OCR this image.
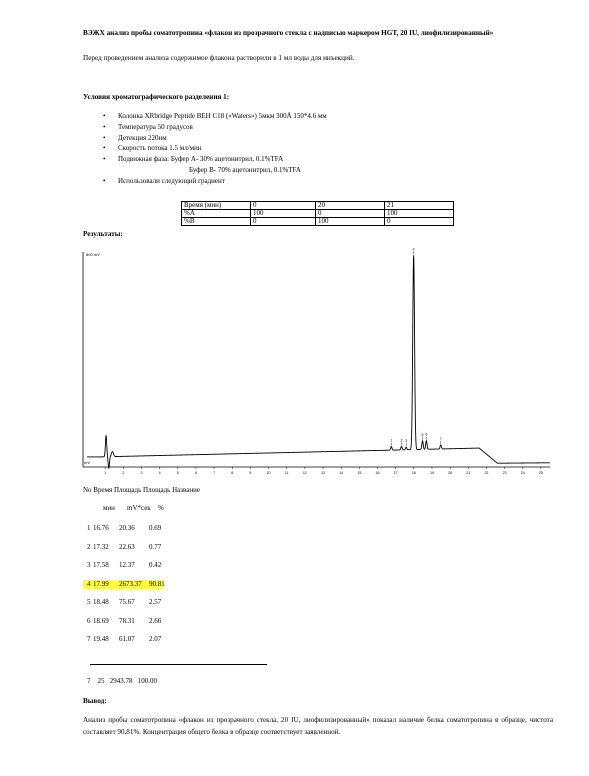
ВЭЖХ анализ пробы соматотропина «флакон из прозрачного стекла с надписью маркером HGT, 20 IU, лиофилизированный»
Перед проведением анализа содержимое флакона растворили в 1 мл воды для инъекций.
Условия хроматографического разделения 1:
• Колонка XRbridge Peptide BEH C18 («Waters») 5мкм 300Å 150*4.6 мм
• Температура 50 градусов
• Детекция 220нм
• Скорость потока 1.5 мл/мин
• Подвижная фаза: Буфер А- 30% ацетонитрил, 0.1%TFA
Буфер В- 70% ацетонитрил, 0.1%TFA
• Использовали следующий градиент
Время (мин)	0	20	21
%A	100	0	100
%B	0	100	0
Результаты:
800 mV
mV
1	2	3	4	5	6	7	8	9	10	11	12	13	14	15	16	17	18	19	20	21	22	23	24	25
1 2 3
4
5 6
7
No Время Площадь Площадь Название
мин mV*сек %
1 16.76 20.36 0.69
2 17.32 22.63 0.77
3 17.58 12.37 0.42
4 17.99 2673.37 90.81
5 18.48 75.67 2.57
6 18.69 78.31 2.66
7 19.48 61.07 2.07
7 25 2943.78 100.00
Вывод:
Анализ пробы соматотропина «флакон из прозрачного стекла, 20 IU, лиофилизированный» показал наличие белка соматотропина в образце, чистота составляет 90,81%. Концентрация общего белка в образце соответствует заявленной.
